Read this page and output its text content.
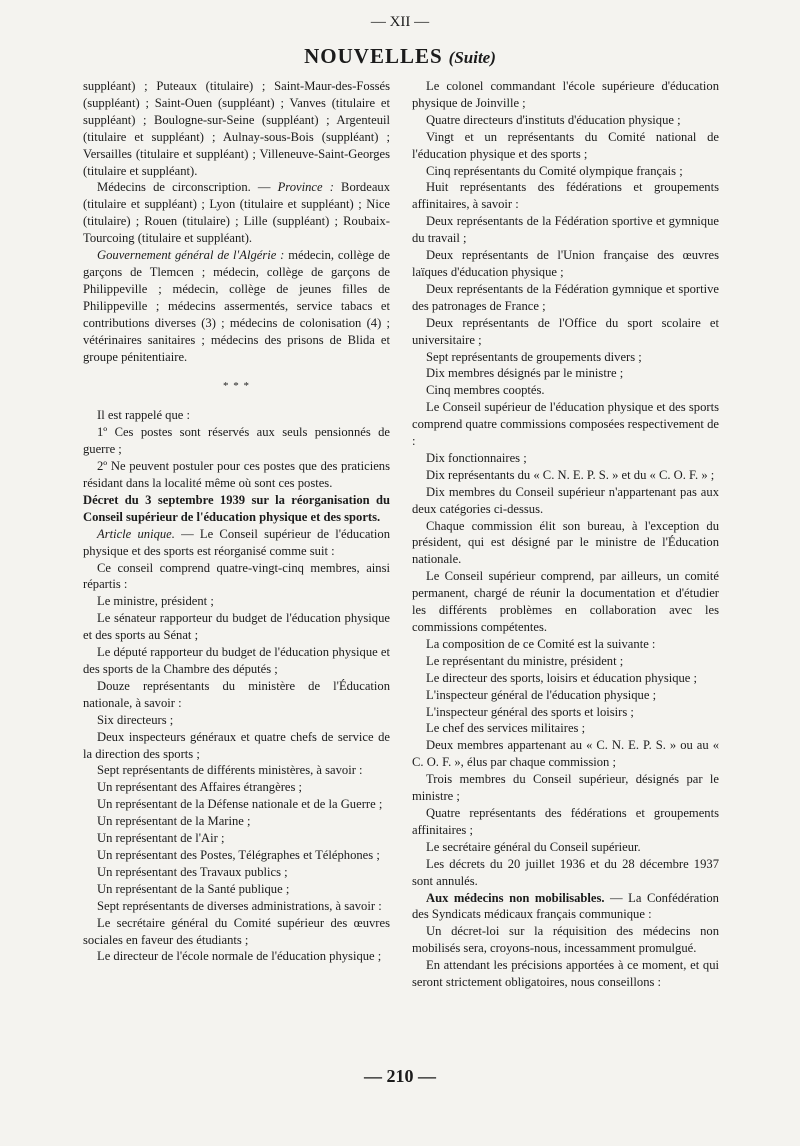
— XII —
NOUVELLES (Suite)

suppléant) ; Puteaux (titulaire) ; Saint-Maur-des-Fossés (suppléant) ; Saint-Ouen (suppléant) ; Vanves (titulaire et suppléant) ; Boulogne-sur-Seine (suppléant) ; Argenteuil (titulaire et suppléant) ; Aulnay-sous-Bois (suppléant) ; Versailles (titulaire et suppléant) ; Villeneuve-Saint-Georges (titulaire et suppléant).

Médecins de circonscription. — Province : Bordeaux (titulaire et suppléant) ; Lyon (titulaire et suppléant) ; Nice (titulaire) ; Rouen (titulaire) ; Lille (suppléant) ; Roubaix-Tourcoing (titulaire et suppléant).

Gouvernement général de l'Algérie : médecin, collège de garçons de Tlemcen ; médecin, collège de garçons de Philippeville ; médecin, collège de jeunes filles de Philippeville ; médecins assermentés, service tabacs et contributions diverses (3) ; médecins de colonisation (4) ; vétérinaires sanitaires ; médecins des prisons de Blida et groupe pénitentiaire.

* * *

Il est rappelé que :

1º Ces postes sont réservés aux seuls pensionnés de guerre ;

2º Ne peuvent postuler pour ces postes que des praticiens résidant dans la localité même où sont ces postes.

Décret du 3 septembre 1939 sur la réorganisation du Conseil supérieur de l'éducation physique et des sports.

Article unique. — Le Conseil supérieur de l'éducation physique et des sports est réorganisé comme suit :

Ce conseil comprend quatre-vingt-cinq membres, ainsi répartis :

Le ministre, président ;

Le sénateur rapporteur du budget de l'éducation physique et des sports au Sénat ;

Le député rapporteur du budget de l'éducation physique et des sports de la Chambre des députés ;

Douze représentants du ministère de l'Éducation nationale, à savoir :

Six directeurs ;

Deux inspecteurs généraux et quatre chefs de service de la direction des sports ;

Sept représentants de différents ministères, à savoir :

Un représentant des Affaires étrangères ;

Un représentant de la Défense nationale et de la Guerre ;

Un représentant de la Marine ;

Un représentant de l'Air ;

Un représentant des Postes, Télégraphes et Téléphones ;

Un représentant des Travaux publics ;

Un représentant de la Santé publique ;

Sept représentants de diverses administrations, à savoir :

Le secrétaire général du Comité supérieur des œuvres sociales en faveur des étudiants ;

Le directeur de l'école normale de l'éducation physique ;

Le colonel commandant l'école supérieure d'éducation physique de Joinville ;

Quatre directeurs d'instituts d'éducation physique ;

Vingt et un représentants du Comité national de l'éducation physique et des sports ;

Cinq représentants du Comité olympique français ;

Huit représentants des fédérations et groupements affinitaires, à savoir :

Deux représentants de la Fédération sportive et gymnique du travail ;

Deux représentants de l'Union française des œuvres laïques d'éducation physique ;

Deux représentants de la Fédération gymnique et sportive des patronages de France ;

Deux représentants de l'Office du sport scolaire et universitaire ;

Sept représentants de groupements divers ;

Dix membres désignés par le ministre ;

Cinq membres cooptés.

Le Conseil supérieur de l'éducation physique et des sports comprend quatre commissions composées respectivement de :

Dix fonctionnaires ;

Dix représentants du « C. N. E. P. S. » et du « C. O. F. » ;

Dix membres du Conseil supérieur n'appartenant pas aux deux catégories ci-dessus.

Chaque commission élit son bureau, à l'exception du président, qui est désigné par le ministre de l'Éducation nationale.

Le Conseil supérieur comprend, par ailleurs, un comité permanent, chargé de réunir la documentation et d'étudier les différents problèmes en collaboration avec les commissions compétentes.

La composition de ce Comité est la suivante :

Le représentant du ministre, président ;

Le directeur des sports, loisirs et éducation physique ;

L'inspecteur général de l'éducation physique ;

L'inspecteur général des sports et loisirs ;

Le chef des services militaires ;

Deux membres appartenant au « C. N. E. P. S. » ou au « C. O. F. », élus par chaque commission ;

Trois membres du Conseil supérieur, désignés par le ministre ;

Quatre représentants des fédérations et groupements affinitaires ;

Le secrétaire général du Conseil supérieur.

Les décrets du 20 juillet 1936 et du 28 décembre 1937 sont annulés.

Aux médecins non mobilisables. — La Confédération des Syndicats médicaux français communique :

Un décret-loi sur la réquisition des médecins non mobilisés sera, croyons-nous, incessamment promulgué.

En attendant les précisions apportées à ce moment, et qui seront strictement obligatoires, nous conseillons :

— 210 —
